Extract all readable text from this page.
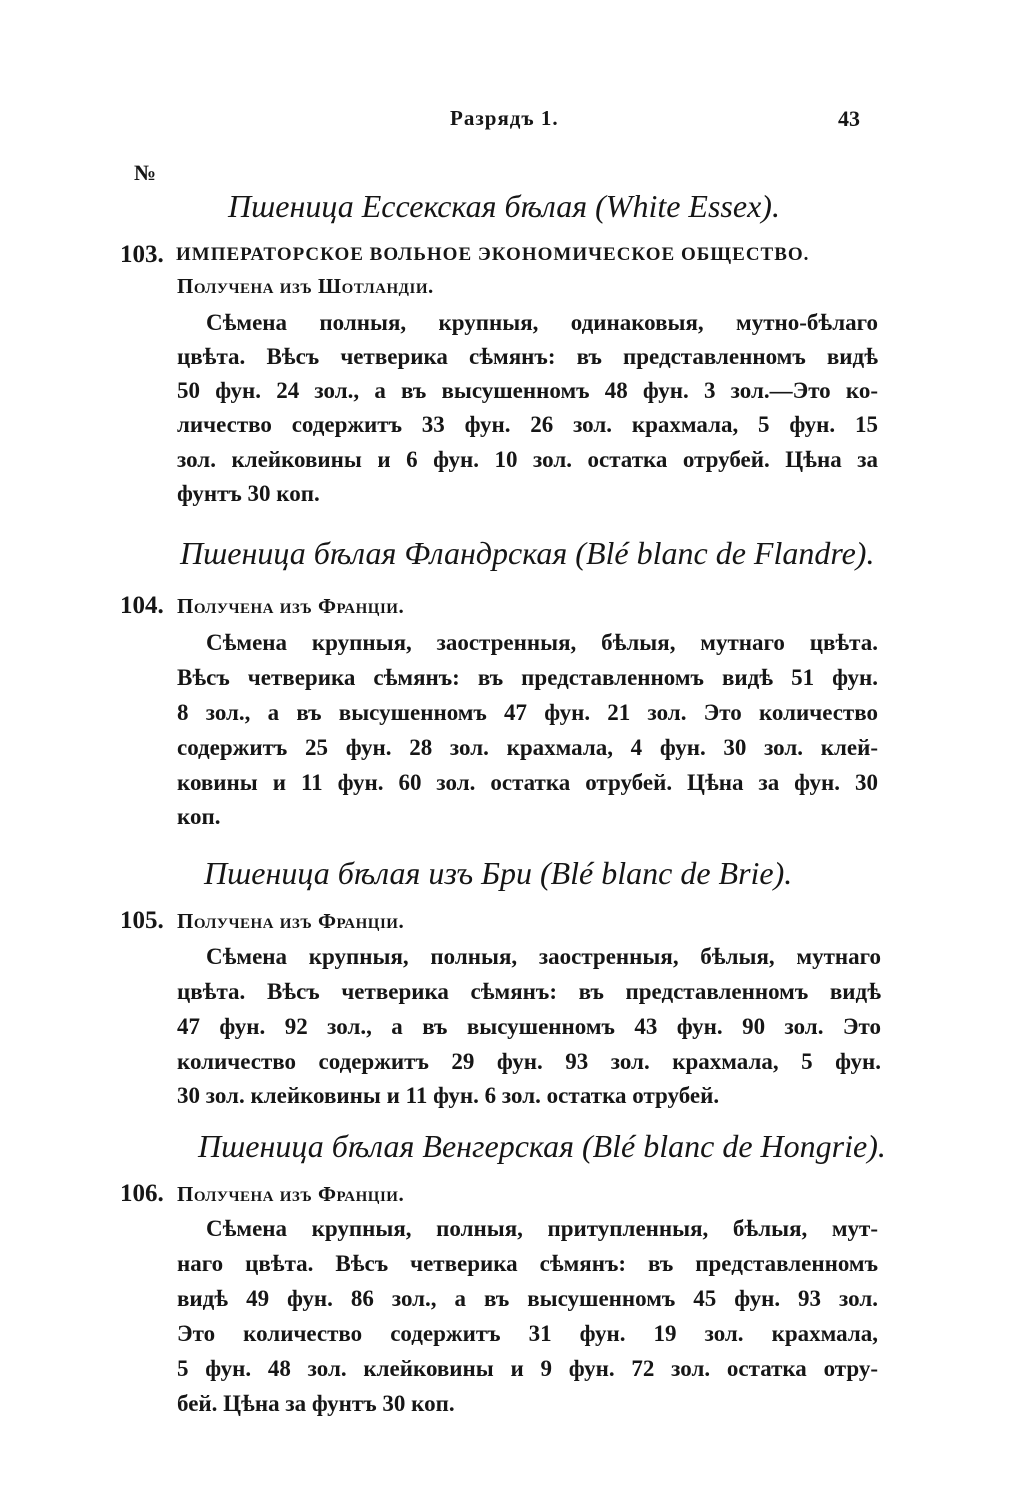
Разрядъ 1.	43
№
Пшеница Ессекская бѣлая (White Essex).
103. ИМПЕРАТОРСКОЕ ВОЛЬНОЕ ЭКОНОМИЧЕСКОЕ ОБЩЕСТВО.
Получена изъ Шотландіи.
Сѣмена полныя, крупныя, одинаковыя, мутно-бѣлаго
цвѣта. Вѣсъ четверика сѣмянъ: въ представленномъ видѣ
50 фун. 24 зол., а въ высушенномъ 48 фун. 3 зол.—Это ко-
личество содержитъ 33 фун. 26 зол. крахмала, 5 фун. 15
зол. клейковины и 6 фун. 10 зол. остатка отрубей. Цѣна за
фунтъ 30 коп.
Пшеница бѣлая Фландрская (Blé blanc de Flandre).
104. Получена изъ Франціи.
Сѣмена крупныя, заостренныя, бѣлыя, мутнаго цвѣта.
Вѣсъ четверика сѣмянъ: въ представленномъ видѣ 51 фун.
8 зол., а въ высушенномъ 47 фун. 21 зол. Это количество
содержитъ 25 фун. 28 зол. крахмала, 4 фун. 30 зол. клей-
ковины и 11 фун. 60 зол. остатка отрубей. Цѣна за фун. 30
коп.
Пшеница бѣлая изъ Бри (Blé blanc de Brie).
105. Получена изъ Франціи.
Сѣмена крупныя, полныя, заостренныя, бѣлыя, мутнаго
цвѣта. Вѣсъ четверика сѣмянъ: въ представленномъ видѣ
47 фун. 92 зол., а въ высушенномъ 43 фун. 90 зол. Это
количество содержитъ 29 фун. 93 зол. крахмала, 5 фун.
30 зол. клейковины и 11 фун. 6 зол. остатка отрубей.
Пшеница бѣлая Венгерская (Blé blanc de Hongrie).
106. Получена изъ Франціи.
Сѣмена крупныя, полныя, притупленныя, бѣлыя, мут-
наго цвѣта. Вѣсъ четверика сѣмянъ: въ представленномъ
видѣ 49 фун. 86 зол., а въ высушенномъ 45 фун. 93 зол.
Это количество содержитъ 31 фун. 19 зол. крахмала,
5 фун. 48 зол. клейковины и 9 фун. 72 зол. остатка отру-
бей. Цѣна за фунтъ 30 коп.
